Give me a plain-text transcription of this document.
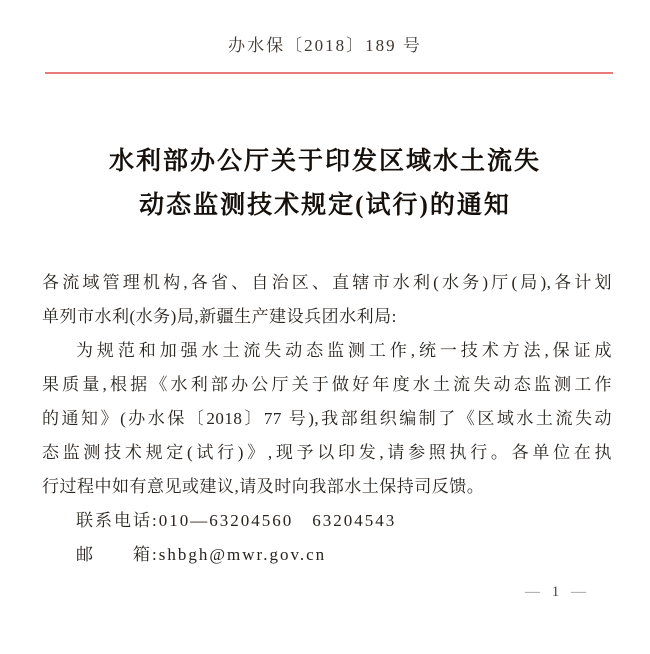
办水保〔2018〕189 号
水利部办公厅关于印发区域水土流失
动态监测技术规定(试行)的通知
各流域管理机构,各省、自治区、直辖市水利(水务)厅(局),各计划
单列市水利(水务)局,新疆生产建设兵团水利局:
为规范和加强水土流失动态监测工作,统一技术方法,保证成
果质量,根据《水利部办公厅关于做好年度水土流失动态监测工作
的通知》(办水保〔2018〕77 号),我部组织编制了《区域水土流失动
态监测技术规定(试行)》,现予以印发,请参照执行。各单位在执
行过程中如有意见或建议,请及时向我部水土保持司反馈。
联系电话:010—63204560　63204543
邮　　箱:shbgh@mwr.gov.cn
— 1 —
